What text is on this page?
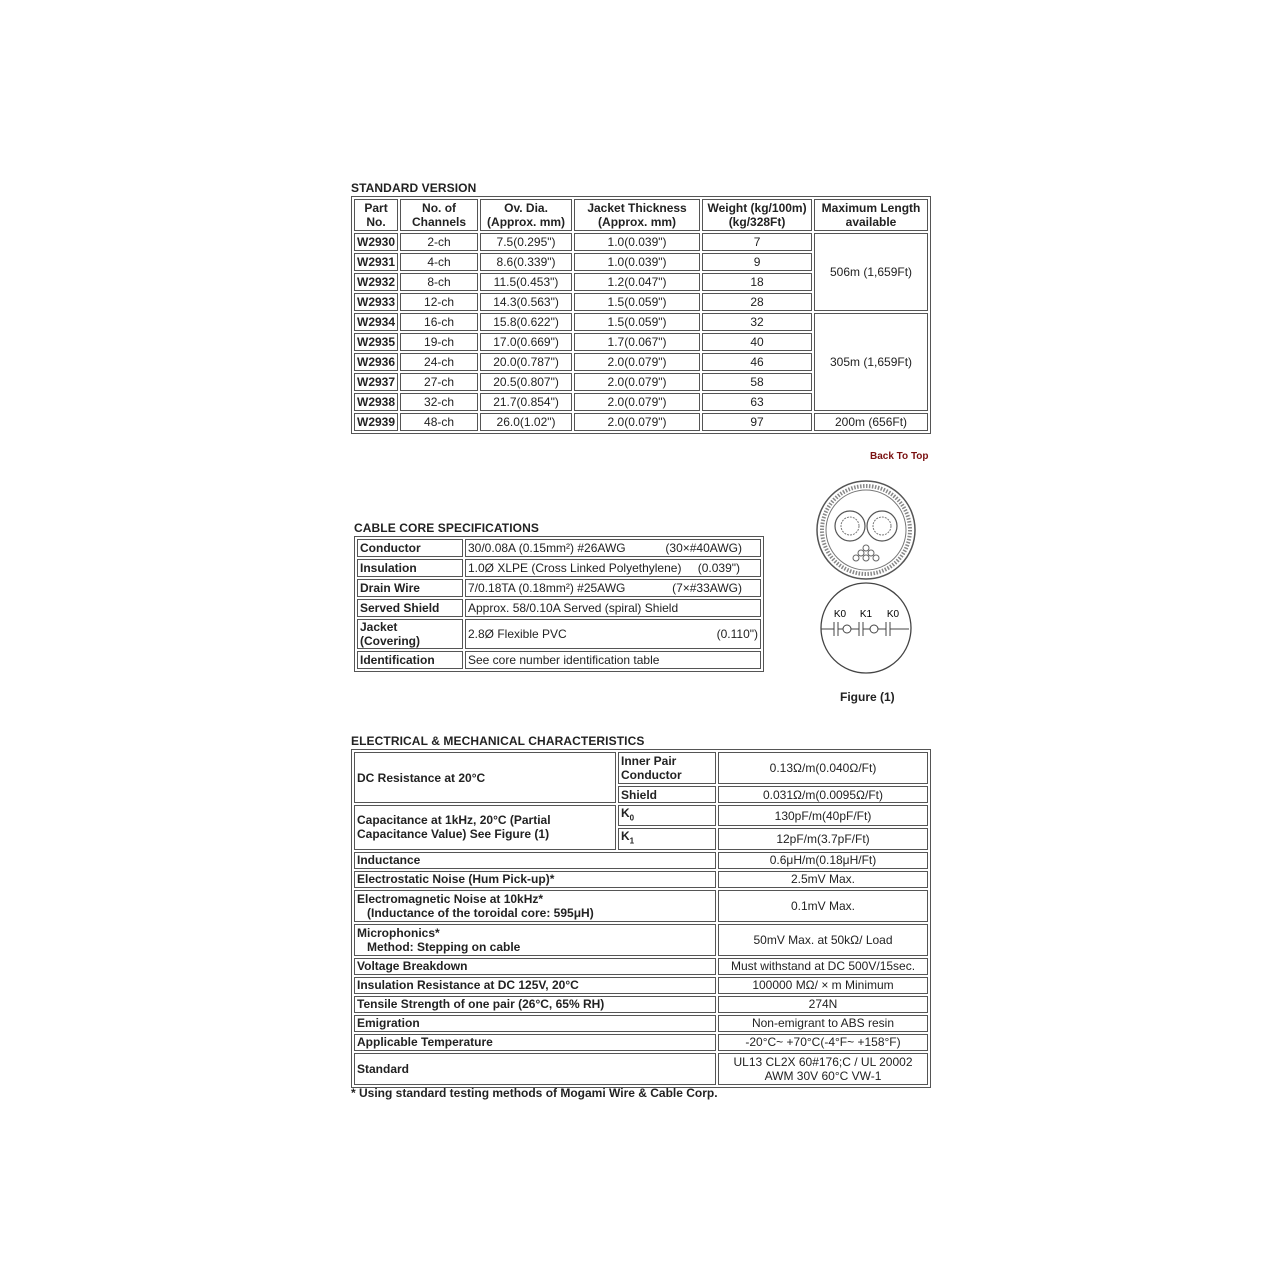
STANDARD VERSION
Part No.	No. of Channels	Ov. Dia. (Approx. mm)	Jacket Thickness (Approx. mm)	Weight (kg/100m) (kg/328Ft)	Maximum Length available
W2930	2-ch	7.5(0.295")	1.0(0.039")	7	506m (1,659Ft)
W2931	4-ch	8.6(0.339")	1.0(0.039")	9	
W2932	8-ch	11.5(0.453")	1.2(0.047")	18	
W2933	12-ch	14.3(0.563")	1.5(0.059")	28	
W2934	16-ch	15.8(0.622")	1.5(0.059")	32	305m (1,659Ft)
W2935	19-ch	17.0(0.669")	1.7(0.067")	40	
W2936	24-ch	20.0(0.787")	2.0(0.079")	46	
W2937	27-ch	20.5(0.807")	2.0(0.079")	58	
W2938	32-ch	21.7(0.854")	2.0(0.079")	63	
W2939	48-ch	26.0(1.02")	2.0(0.079")	97	200m (656Ft)
Back To Top
CABLE CORE SPECIFICATIONS
Conductor	30/0.08A (0.15mm²) #26AWG (30×#40AWG)

Insulation	1.0Ø XLPE (Cross Linked Polyethylene) (0.039")

Drain Wire	7/0.18TA (0.18mm²) #25AWG (7×#33AWG)

Served Shield	Approx. 58/0.10A Served (spiral) Shield

Jacket (Covering)	2.8Ø Flexible PVC (0.110")

Identification	See core number identification table
K0 K1 K0
Figure (1)
ELECTRICAL & MECHANICAL CHARACTERISTICS
DC Resistance at 20°C	Inner Pair Conductor	0.13Ω/m(0.040Ω/Ft)
	Shield	0.031Ω/m(0.0095Ω/Ft)
Capacitance at 1kHz, 20°C (Partial Capacitance Value) See Figure (1)	$K_0$	130pF/m(40pF/Ft)
	$K_1$	12pF/m(3.7pF/Ft)
Inductance		0.6μH/m(0.18μH/Ft)
Electrostatic Noise (Hum Pick-up)*		2.5mV Max.

Electromagnetic Noise at 10kHz*
(Inductance of the toroidal core: 595μH)		0.1mV Max.

Microphonics*
Method: Stepping on cable		50mV Max. at 50kΩ/ Load
Voltage Breakdown		Must withstand at DC 500V/15sec.
Insulation Resistance at DC 125V, 20°C		100000 MΩ/ × m Minimum
Tensile Strength of one pair (26°C, 65% RH)		274N
Emigration		Non-emigrant to ABS resin
Applicable Temperature		-20°C~ +70°C(-4°F~ +158°F)
Standard		UL13 CL2X 60#176;C / UL 20002
AWM 30V 60°C VW-1
* Using standard testing methods of Mogami Wire & Cable Corp.
